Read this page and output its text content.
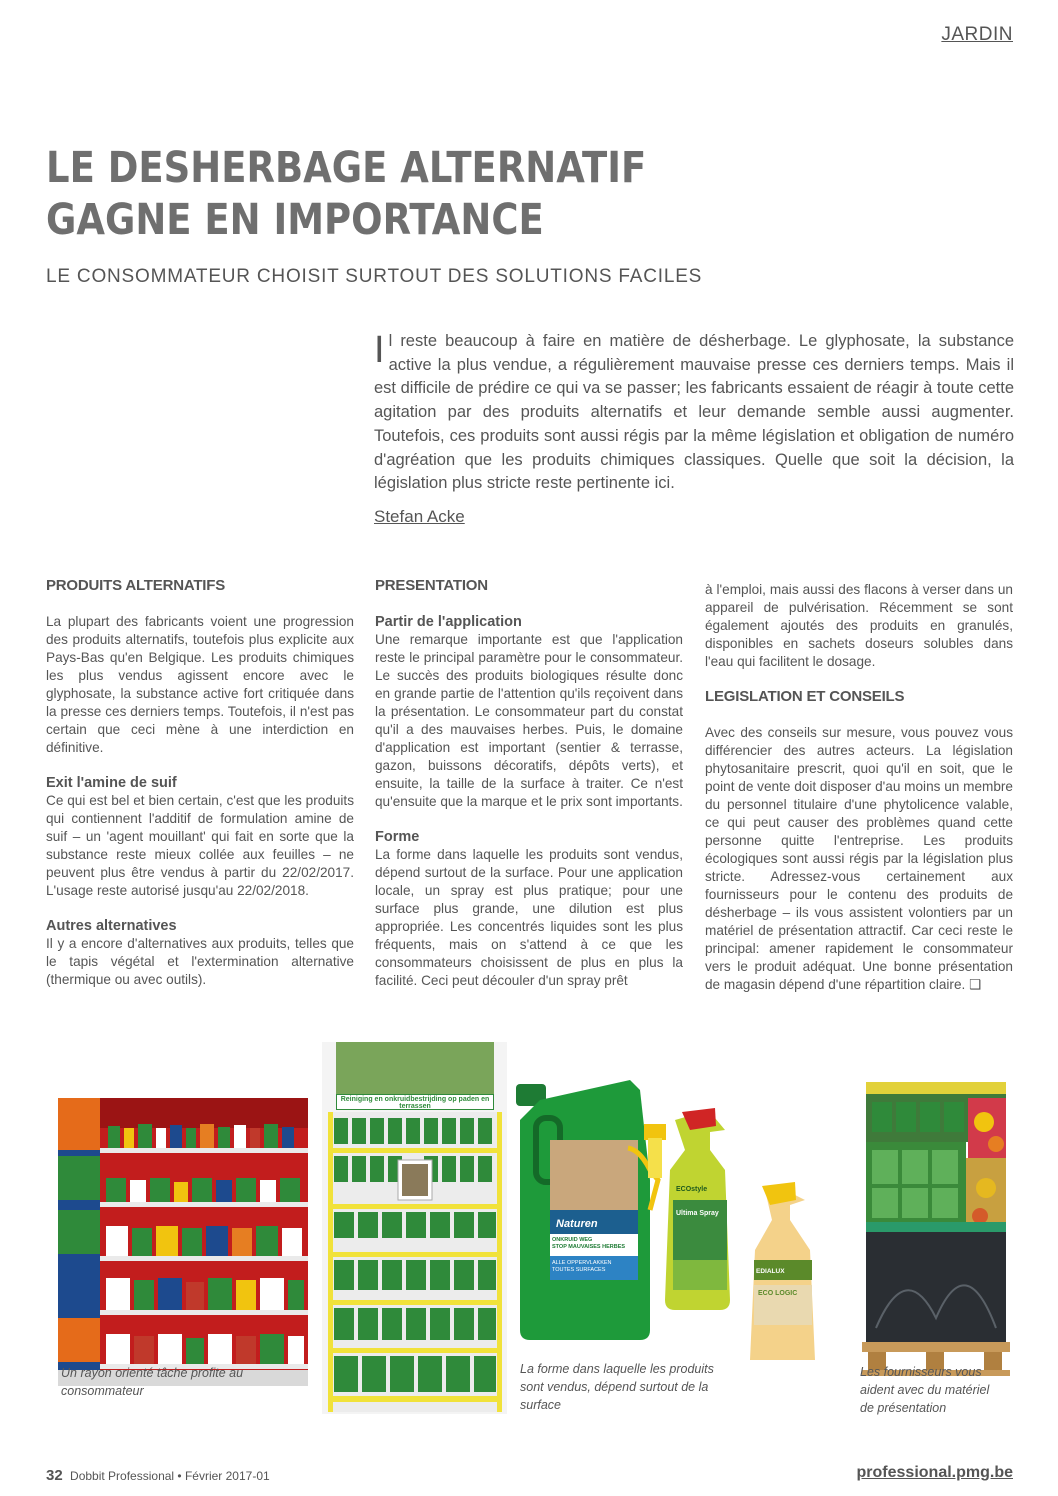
JARDIN
LE DESHERBAGE ALTERNATIF
GAGNE EN IMPORTANCE
LE CONSOMMATEUR CHOISIT SURTOUT DES SOLUTIONS FACILES
Il reste beaucoup à faire en matière de désherbage. Le glyphosate, la substance active la plus vendue, a régulièrement mauvaise presse ces derniers temps. Mais il est difficile de prédire ce qui va se passer; les fabricants essaient de réagir à toute cette agitation par des produits alternatifs et leur demande semble aussi augmenter. Toutefois, ces produits sont aussi régis par la même législation et obligation de numéro d'agréation que les produits chimiques classiques. Quelle que soit la décision, la législation plus stricte reste pertinente ici.
Stefan Acke
PRODUITS ALTERNATIFS

La plupart des fabricants voient une progression des produits alternatifs, toutefois plus explicite aux Pays-Bas qu'en Belgique. Les produits chimiques les plus vendus agissent encore avec le glyphosate, la substance active fort critiquée dans la presse ces derniers temps. Toutefois, il n'est pas certain que ceci mène à une interdiction en définitive.

Exit l'amine de suif

Ce qui est bel et bien certain, c'est que les produits qui contiennent l'additif de formulation amine de suif – un 'agent mouillant' qui fait en sorte que la substance reste mieux collée aux feuilles – ne peuvent plus être vendus à partir du 22/02/2017. L'usage reste autorisé jusqu'au 22/02/2018.

Autres alternatives

Il y a encore d'alternatives aux produits, telles que le tapis végétal et l'extermination alternative (thermique ou avec outils).

PRESENTATION
Partir de l'application

Une remarque importante est que l'application reste le principal paramètre pour le consommateur. Le succès des produits biologiques résulte donc en grande partie de l'attention qu'ils reçoivent dans la présentation. Le consommateur part du constat qu'il a des mauvaises herbes. Puis, le domaine d'application est important (sentier & terrasse, gazon, buissons décoratifs, dépôts verts), et ensuite, la taille de la surface à traiter. Ce n'est qu'ensuite que la marque et le prix sont importants.

Forme

La forme dans laquelle les produits sont vendus, dépend surtout de la surface. Pour une application locale, un spray est plus pratique; pour une surface plus grande, une dilution est plus appropriée. Les concentrés liquides sont les plus fréquents, mais on s'attend à ce que les consommateurs choisissent de plus en plus la facilité. Ceci peut découler d'un spray prêt

à l'emploi, mais aussi des flacons à verser dans un appareil de pulvérisation. Récemment se sont également ajoutés des produits en granulés, disponibles en sachets doseurs solubles dans l'eau qui facilitent le dosage.

LEGISLATION ET CONSEILS

Avec des conseils sur mesure, vous pouvez vous différencier des autres acteurs. La législation phytosanitaire prescrit, quoi qu'il en soit, que le point de vente doit disposer d'au moins un membre du personnel titulaire d'une phytolicence valable, ce qui peut causer des problèmes quand cette personne quitte l'entreprise. Les produits écologiques sont aussi régis par la législation plus stricte. Adressez-vous certainement aux fournisseurs pour le contenu des produits de désherbage – ils vous assistent volontiers par un matériel de présentation attractif. Car ceci reste le principal: amener rapidement le consommateur vers le produit adéquat. Une bonne présentation de magasin dépend d'une répartition claire. ❑

Reiniging en onkruidbestrijding op paden en terrassen
Naturen
ONKRUID WEG
STOP MAUVAISES HERBES
ALLE OPPERVLAKKEN
TOUTES SURFACES
ECOstyle
Ultima Spray
EDIALUX
ECO LOGIC
Un rayon orienté tâche profite au consommateur
La forme dans laquelle les produits sont vendus, dépend surtout de la surface
Les fournisseurs vous aident avec du matériel de présentation
32 Dobbit Professional • Février 2017-01	professional.pmg.be
